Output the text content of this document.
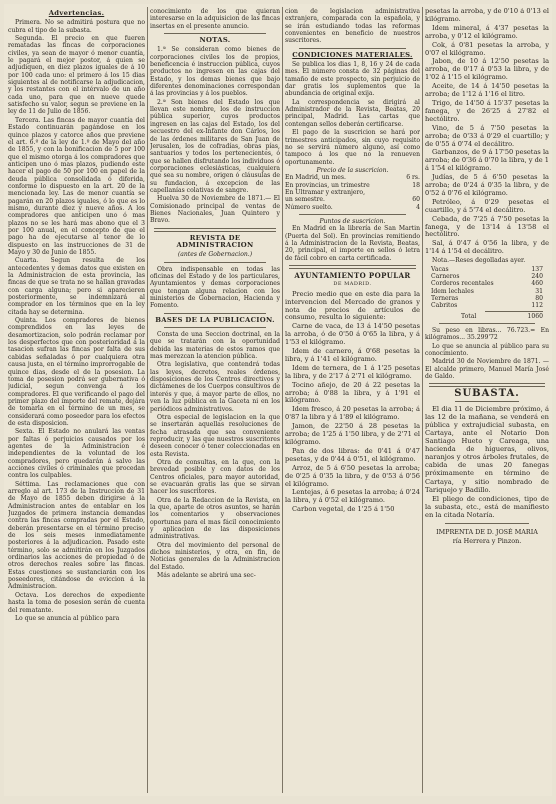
Advertencias.

Primera. No se admitirá postura que no cubra el tipo de la subasta.

Segunda. El precio en que fueren rematadas las fincas de corporaciones civiles, ya sean de mayor ó menor cuantía, le pagará el mejor postor, á quien se adjudiquen, en diez plazos iguales de á 10 por 100 cada uno: el primero á los 15 dias siguientes al de notificarse la adjudicacion, y los restantes con el intérvalo de un año cada uno, para que en nueve quede satisfecho su valor, segun se previene en la ley de 11 de Julio de 1856.

Tercera. Las fincas de mayor cuantía del Estado continuarán pagándose en los quince plazos y catorce años que previene el art. 6.º de la ley de 1.º de Mayo del año de 1855, y con la bonificacion de 5 por 100 que el mismo otorga á los compradores que anticipen uno ó mas plazos, pudiendo este hacer el pago de 50 por 100 en papel de la deuda pública consolidada ó diferida, conforme lo dispuesto en la art. 20 de la mencionada ley. Las de menor cuantía se pagarán en 20 plazos iguales, ó lo que es lo mismo, durante diez y nueve años. A los compradores que anticipen uno ó mas plazos no se les hará mas abono que el 3 por 100 anual, en el concepto de que el pago ha de ejecutarse al tenor de lo dispuesto en las instrucciones de 31 de Mayo y 30 de Junio de 1855.

Cuarta. Segun resulta de los antecedentes y demas datos que existen en la Administracion de esta provincia, las fincas de que se trata no se hallan gravadas con carga alguna; pero si aparecieren posteriormente, se indemnizará al comprador en los términos que en la ley citada hay se determina.

Quinta. Los compradores de bienes comprendidos en las leyes de desamortizacion, solo podrán reclamar por los desperfectos que con posterioridad á la tasacion sufran las fincas por falta de sus cabidas señaladas ó por cualquiera otra causa justa, en el término improrrogable de quince dias, desde el de la posesion. La toma de posesion podrá ser gubernativa ó judicial, segun convenga á los compradores. El que verificando el pago del primer plazo del importe del remate, dejára de tomarla en el término de un mes, se considerará como poseedor para los efectos de esta disposicion.

Sexta. El Estado no anulará las ventas por faltas ó perjuicios causados por los agentes de la Administracion é independientes de la voluntad de los compradores, pero quedarán á salvo las acciones civiles ó criminales que procedan contra los culpables.

Séttima. Las reclamaciones que con arreglo al art. 173 de la Instruccion de 31 de Mayo de 1855 deben dirigirse á la Administracion antes de entablar en los Juzgados de primera instancia demandas contra las fincas compradas por el Estado, deberán presentarse en el término preciso de los seis meses inmediatamente posteriores á la adjudicacion. Pasado este término, solo se admitirán en los Juzgados ordinarios las acciones de propiedad ó de otros derechos reales sobre las fincas. Estas cuestiones se sustanciarán con los poseedores, citándose de eviccion á la Administracion.

Octava. Los derechos de expediente hasta la toma de posesion serán de cuenta del rematante.

Lo que se anuncia al público para

conocimiento de los que quieran interesarse en la adquisicion de las fincas insertas en el presente anuncio.

NOTAS.

1.ª Se consideran como bienes de corporaciones civiles los de propios, beneficencia é instruccion pública, cuyos productos no ingresen en las cajas del Estado, y los demas bienes que bajo diferentes denominaciones correspondan á las provincias y á los pueblos.

2.ª Son bienes del Estado los que llevan este nombre, los de instruccion pública superior, cuyos productos ingresen en las cajas del Estado, los del secuestro del ex-Infante don Cárlos, los de las órdenes militares de San Juan de Jerusalen, los de cofradías, obras pías, santuarios y todos los pertenecientes, ó que se hallen disfrutando los individuos ó corporaciones eclesiásticas, cualquiera que sea su nombre, origen ó cláusulas de su fundacion, á excepcion de las capellanías colativas de sangre.

Huelva 30 de Noviembre de 1871.— El Comisionado principal de ventas de Bienes Nacionales, Juan Quintero y Bravo.

REVISTA DE ADMINISTRACION
(antes de Gobernacion.)

Obra indispensable en todas las oficinas del Estado y de los particulares, Ayuntamientos y demas corporaciones que tengan alguna relacion con los ministerios de Gobernacion, Hacienda y Fomento.

BASES DE LA PUBLICACION.

Consta de una Seccion doctrinal, en la que se tratarán con la oportunidad debida las materias de estos ramos que mas merezcan la atencion pública.

Otra legislativa, que contendrá todas las leyes, decretos, reales órdenes, disposiciones de los Centros directivos y dictámenes de los Cuerpos consultivos de interés y que, á mayor parte de ellos, no ven la luz pública en la Gaceta ni en los periódicos administrativos.

Otra especial de legislacion en la que se insertarán aquellas resoluciones de fecha atrasada que sea conveniente reproducir, y las que nuestros suscritores deseen conocer ó tener coleccionadas en esta Revista.

Otra de consultas, en la que, con la brevedad posible y con datos de los Centros oficiales, para mayor autoridad, se evacuarán gratis las que se sirvan hacer los suscritores.

Otra de la Redaccion de la Revista, en la que, aparte de otros asuntos, se harán los comentarios y observaciones oportunas para el mas fácil conocimiento y aplicacion de las disposiciones administrativas.

Otra del movimiento del personal de dichos ministerios, y otra, en fin, de Noticias generales de la Administracion del Estado.

Más adelante se abrirá una sec-

cion de legislacion administrativa extranjera, comparada con la española, y se irán estudiando todas las reformas convenientes en beneficio de nuestros suscritores.

CONDICIONES MATERIALES.

Se publica los dias 1, 8, 16 y 24 de cada mes. El número consta de 32 páginas del tamaño de este prospecto, sin perjuicio de dar gratis los suplementos que la abundancia de original exija.

La correspondencia se dirigirá al Administrador de la Revista, Beatas, 20 principal, Madrid. Las cartas que contengan sellos deberán certificarse.

El pago de la suscricion se hará por trimestres anticipados, sin cuyo requisito no se servirá número alguno, así como tampoco á los que no la renueven oportunamente.

Precio de la suscricion.
En Madrid, un mes.	6 rs.
En provincias, un trimestre	18
En Ultramar y extranjero,
un semestre.	60
Número suelto.	4
Puntos de suscricion.

En Madrid en la librería de San Martin (Puerta del Sol). En provincias remitiendo á la Administracion de la Revista, Beatas, 20, principal, el importe en sellos ó letra de fácil cobro en carta certificada.

AYUNTAMIENTO POPULAR
DE MADRID.

Precio medio que en este dia para la intervencion del Mercado de granos y nota de precios de artículos de consumo, resulta lo siguiente:

Carne de vaca, de 13 á 14'50 pesetas la arroba, ó de 0'50 á 0'65 la libra, y á 1'53 el kilógramo.

Idem de carnero, á 0'68 pesetas la libra, y á 1'41 el kilógramo.

Idem de ternera, de 1 á 1'25 pesetas la libra, y de 2'17 á 2'71 el kilógramo.

Tocino añejo, de 20 á 22 pesetas la arroba; á 0'88 la libra, y á 1'91 el kilógramo.

Idem fresco, á 20 pesetas la arroba; á 0'87 la libra y á 1'89 el kilógramo.

Jamon, de 22'50 á 28 pesetas la arroba; de 1'25 á 1'50 libra, y de 2'71 el kilógramo.

Pan de dos libras: de 0'41 á 0'47 pesetas, y de 0'44 á 0'51, el kilógramo.

Arroz, de 5 á 6'50 pesetas la arroba; de 0'25 á 0'35 la libra, y de 0'53 á 0'56 el kilógramo.

Lentejas, á 6 pesetas la arroba; á 0'24 la libra, y á 0'52 el kilógramo.

Carbon vegetal, de 1'25 á 1'50

pesetas la arroba, y de 0'10 á 0'13 el kilógramo.

Idem mineral, á 4'37 pesetas la arroba, y 0'12 el kilógramo.

Cok, á 0'81 pesetas la arroba, y 0'07 el kilógramo.

Jabon, de 10 á 12'50 pesetas la arroba, de 0'17 á 0'53 la libra, y de 1'02 á 1'15 el kilógramo.

Aceite, de 14 á 14'50 pesetas la arroba; de 1'12 á 1'16 el litro.

Trigo, de 14'50 á 15'37 pesetas la fanega, y de 26'25 á 27'82 el hectólitro.

Vino, de 5 á 7'50 pesetas la arroba; de 0'33 á 0'29 el cuartillo; y de 0'55 á 0'74 el decálitro.

Garbanzos, de 9 á 17'50 pesetas la arroba; de 0'36 á 0'70 la libra, y de 1 á 1'54 el kilógramo.

Judías, de 5 á 6'50 pesetas la arroba; de 0'24 á 0'35 la libra, y de 0'52 á 0'76 el kilógramo.

Petróleo, á 0'29 pesetas el cuartillo, y á 5'74 el decálitro.

Cebada, de 7'25 á 7'50 pesetas la fanega, y de 13'14 á 13'58 el hectólitro.

Sal, á 0'47 á 0'56 la libra, y de 1'14 á 1'54 el decálitro.

Nota.—Reses degolladas ayer.

Vacas	137
Carneros	240
Corderos recentales	460
Idem lechales	31
Terneras	80
Cabritos	112
Total	1060

Su peso en libras... 76.723.= En kilógramos... 35.299'72

Lo que se anuncia al público para su conocimiento.

Madrid 30 de Noviembre de 1871. —El alcalde primero, Manuel María José de Galdo.

SUBASTA.

El dia 11 de Diciembre próximo, á las 12 de la mañana, se venderá en pública y extrajudicial subasta, en Cartaya, ante el Notario Don Santiago Hueto y Careaga, una hacienda de higueras, olivos, naranjos y otros árboles frutales, de cabida de unas 20 fanegas próximamente en término de Cartaya, y sitio nombrado de Tariquejo y Badillo.

El pliego de condiciones, tipo de la subasta, etc., está de manifiesto en la citada Notaría.

IMPRENTA DE D. JOSÉ MARIA
ría Herrera y Pinzon.
